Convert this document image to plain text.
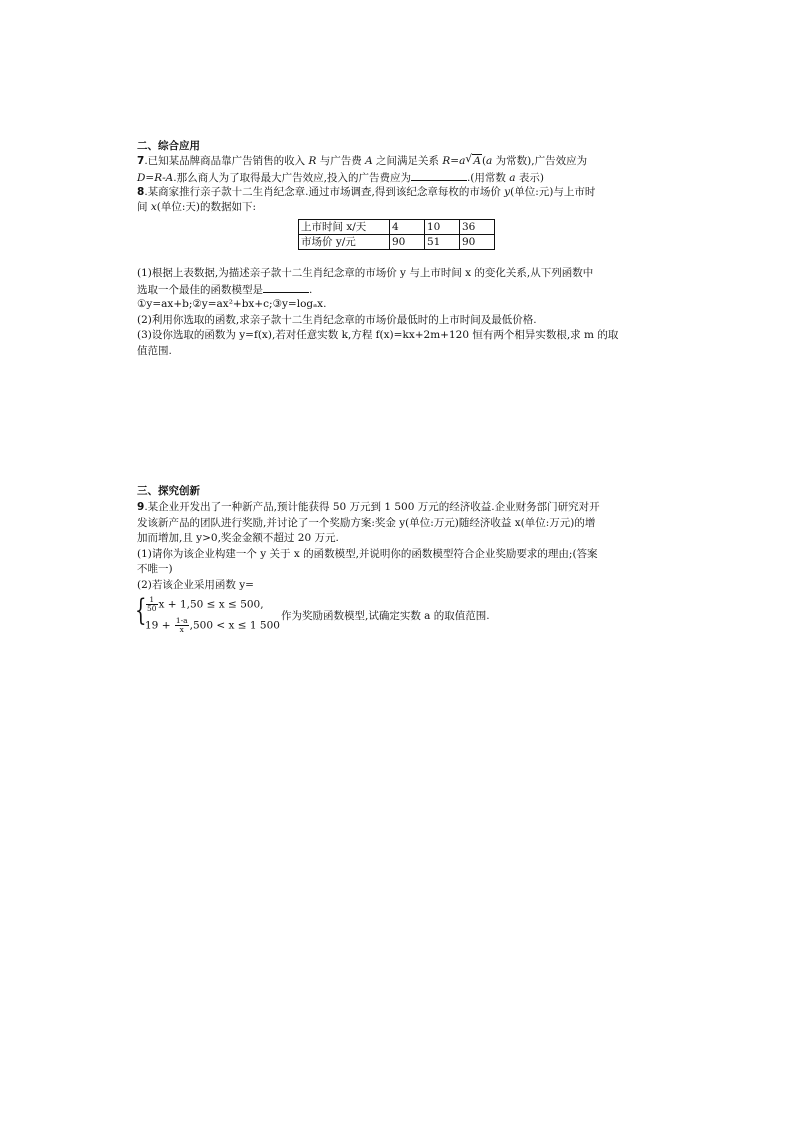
二、综合应用
7.已知某品牌商品靠广告销售的收入 R 与广告费 A 之间满足关系 R=a √ A(a 为常数),广告效应为
D=R-A.那么商人为了取得最大广告效应,投入的广告费应为	.(用常数 a 表示)
8.某商家推行亲子款十二生肖纪念章.通过市场调查,得到该纪念章每枚的市场价 y(单位:元)与上市时
间 x(单位:天)的数据如下:
上市时间 x/天	4	10	36
市场价 y/元	90	51	90
(1)根据上表数据,为描述亲子款十二生肖纪念章的市场价 y 与上市时间 x 的变化关系,从下列函数中
选取一个最佳的函数模型是	.
①y=ax+b;②y=ax²+bx+c;③y=logₐx.
(2)利用你选取的函数,求亲子款十二生肖纪念章的市场价最低时的上市时间及最低价格.
(3)设你选取的函数为 y=f(x),若对任意实数 k,方程 f(x)=kx+2m+120 恒有两个相异实数根,求 m 的取
值范围.
三、探究创新
9.某企业开发出了一种新产品,预计能获得 50 万元到 1 500 万元的经济收益.企业财务部门研究对开
发该新产品的团队进行奖励,并讨论了一个奖励方案:奖金 y(单位:万元)随经济收益 x(单位:万元)的增
加而增加,且 y>0,奖金金额不超过 20 万元.
(1)请你为该企业构建一个 y 关于 x 的函数模型,并说明你的函数模型符合企业奖励要求的理由;(答案
不唯一)
(2)若该企业采用函数 y=
{ $\frac{1}{50}$ x + 1,50 ≤ x ≤ 500,
$19 + \frac{1-a}{x} ,500 < x \le 1$ 500
作为奖励函数模型,试确定实数 a 的取值范围.
